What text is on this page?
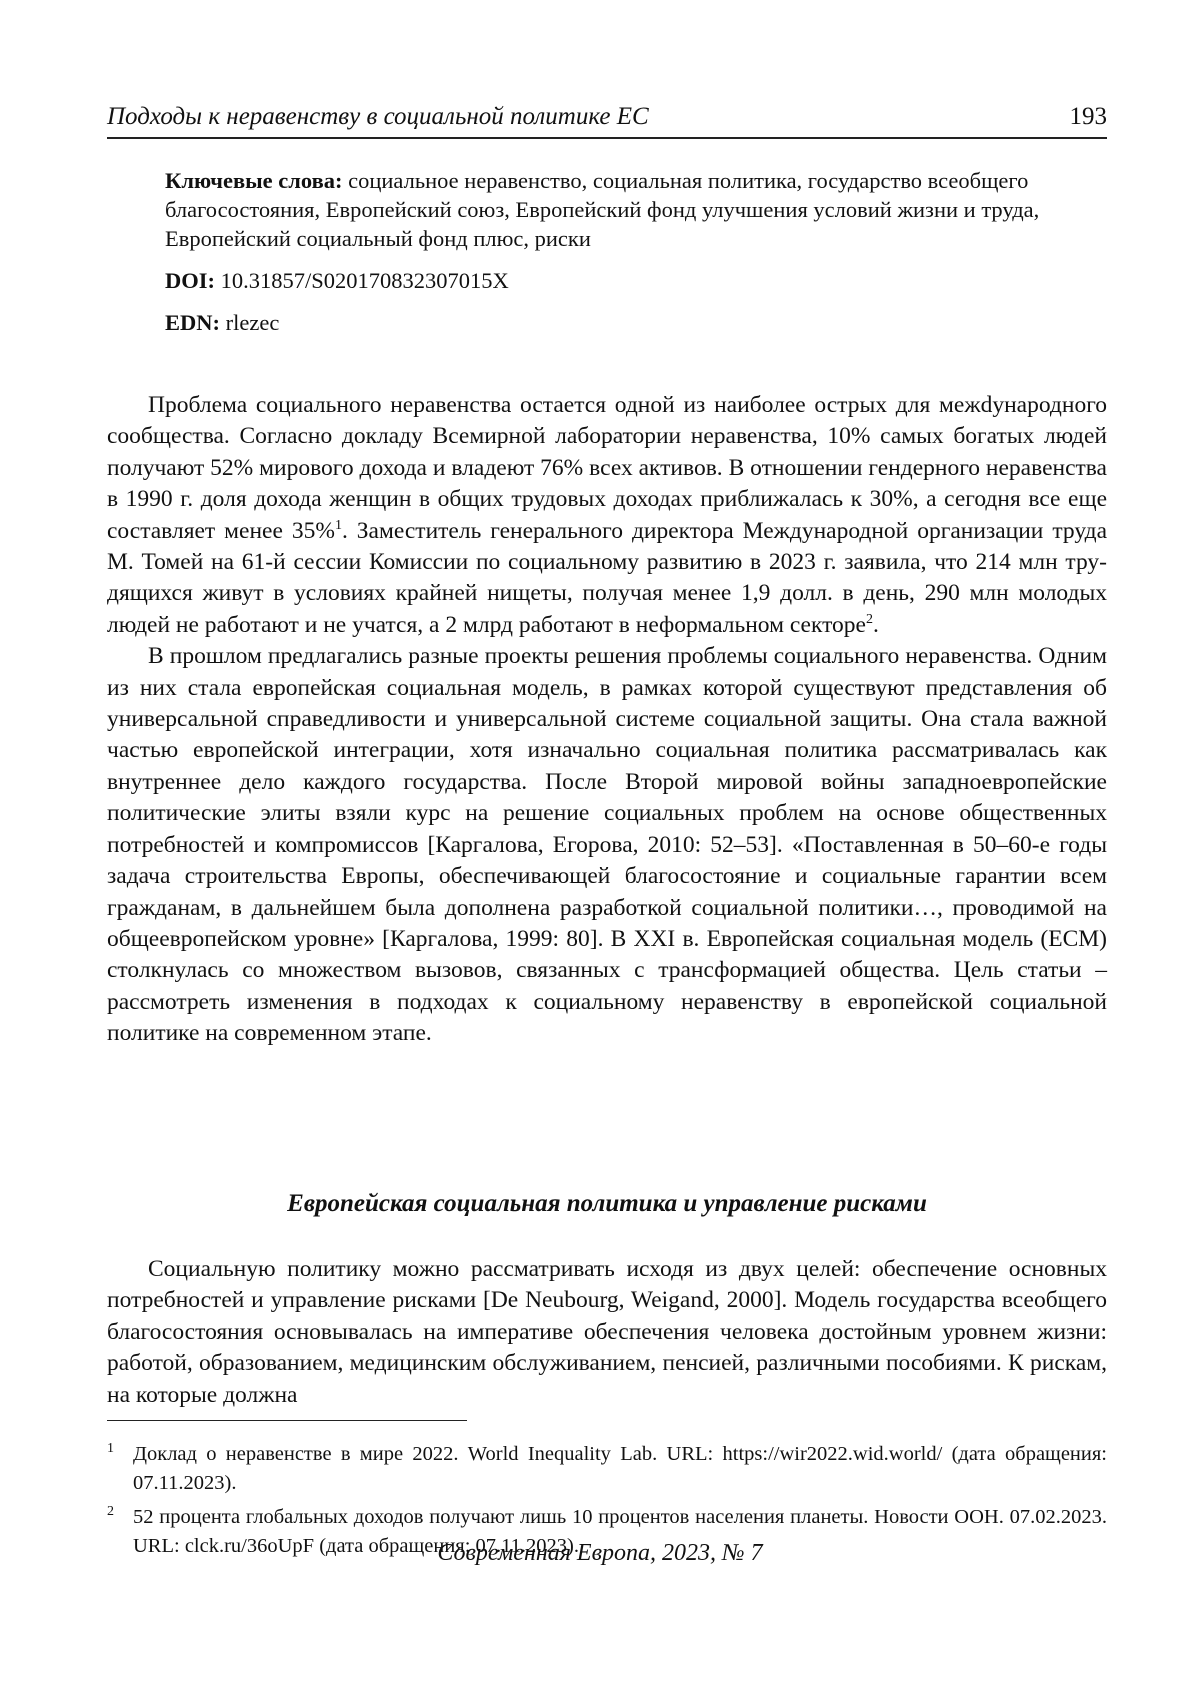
Подходы к неравенству в социальной политике ЕС	193

Ключевые слова: социальное неравенство, социальная политика, государство всеобщего благосостояния, Европейский союз, Европейский фонд улучшения условий жизни и труда, Европейский социальный фонд плюс, риски

DOI: 10.31857/S020170832307015X

EDN: rlezec

Проблема социального неравенства остается одной из наиболее острых для межdународного сообщества. Согласно докладу Всемирной лаборатории неравенства, 10% самых богатых людей получают 52% мирового дохода и владеют 76% всех активов. В отношении гендерного неравенства в 1990 г. доля дохода женщин в общих трудовых доходах приближалась к 30%, а сегодня все еще составляет менее 35%$^1$. Заместитель генерального директора Международной организации труда М. Томей на 61-й сессии Комиссии по социальному развитию в 2023 г. заявила, что 214 млн трудящихся живут в условиях крайней нищеты, получая менее 1,9 долл. в день, 290 млн молодых людей не работают и не учатся, а 2 млрд работают в неформальном секторе$^2$.

В прошлом предлагались разные проекты решения проблемы социального неравенства. Одним из них стала европейская социальная модель, в рамках которой существуют представления об универсальной справедливости и универсальной системе социальной защиты. Она стала важной частью европейской интеграции, хотя изначально социальная политика рассматривалась как внутреннее дело каждого государства. После Второй мировой войны западноевропейские политические элиты взяли курс на решение социальных проблем на основе общественных потребностей и компромиссов [Каргалова, Егорова, 2010: 52–53]. «Поставленная в 50–60-е годы задача строительства Европы, обеспечивающей благосостояние и социальные гарантии всем гражданам, в дальнейшем была дополнена разработкой социальной политики…, проводимой на общеевропейском уровне» [Каргалова, 1999: 80]. В XXI в. Европейская социальная модель (ЕСМ) столкнулась со множеством вызовов, связанных с трансформацией общества. Цель статьи – рассмотреть изменения в подходах к социальному неравенству в европейской социальной политике на современном этапе.

Европейская социальная политика и управление рисками

Социальную политику можно рассматривать исходя из двух целей: обеспечение основных потребностей и управление рисками [De Neubourg, Weigand, 2000]. Модель государства всеобщего благосостояния основывалась на императиве обеспечения человека достойным уровнем жизни: работой, образованием, медицинским обслуживанием, пенсией, различными пособиями. К рискам, на которые должна

1 Доклад о неравенстве в мире 2022. World Inequality Lab. URL: https://wir2022.wid.world/ (дата обращения: 07.11.2023).
2 52 процента глобальных доходов получают лишь 10 процентов населения планеты. Новости ООН. 07.02.2023. URL: clck.ru/36oUpF (дата обращения: 07.11.2023).
Современная Европа, 2023, № 7
